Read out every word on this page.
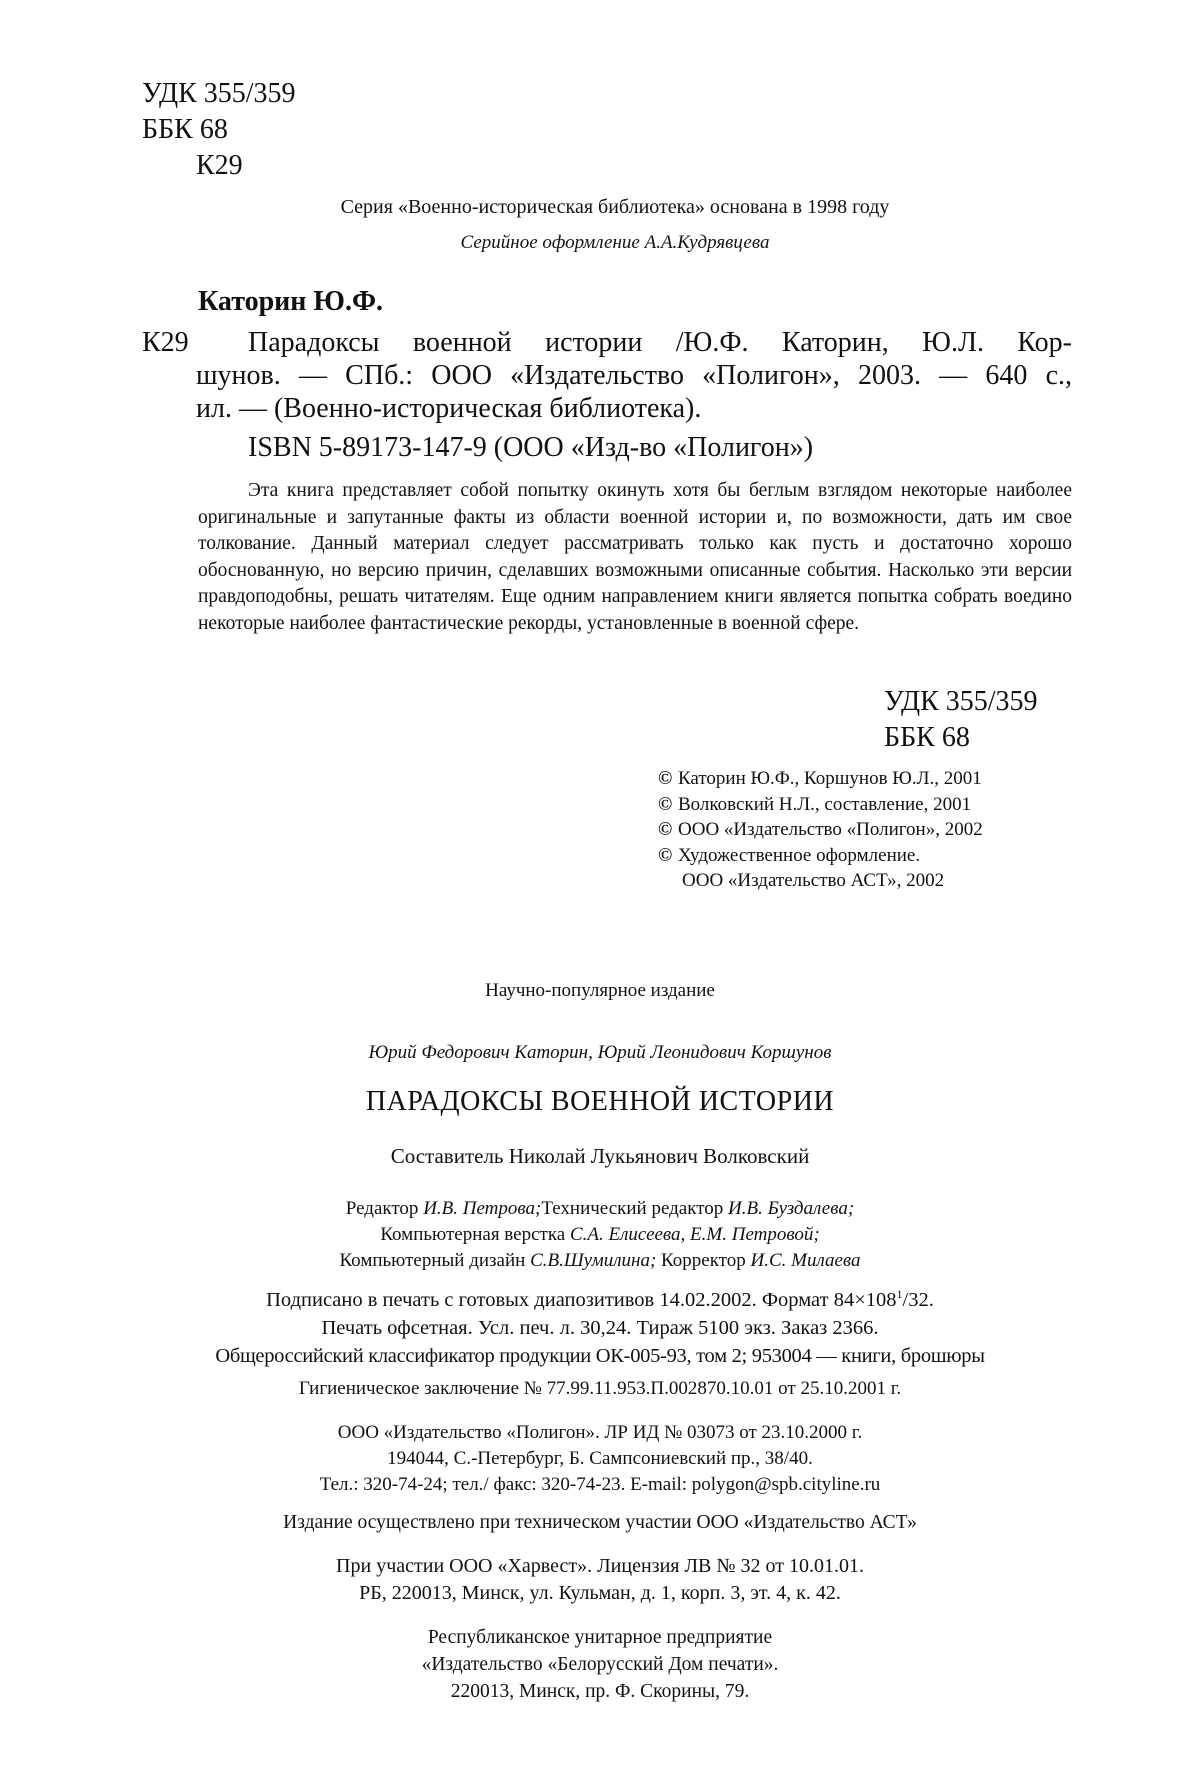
УДК 355/359
ББК 68
К29
Серия «Военно-историческая библиотека» основана в 1998 году
Серийное оформление А.А.Кудрявцева
Каторин Ю.Ф.
К29 Парадоксы военной истории /Ю.Ф. Каторин, Ю.Л. Кор-
шунов. — СПб.: ООО «Издательство «Полигон», 2003. — 640 с.,
ил. — (Военно-историческая библиотека).
ISBN 5-89173-147-9 (ООО «Изд-во «Полигон»)
Эта книга представляет собой попытку окинуть хотя бы беглым взглядом некоторые наиболее оригинальные и запутанные факты из области военной истории и, по возможности, дать им свое толкование. Данный материал следует рассматривать только как пусть и достаточно хорошо обоснованную, но версию причин, сделавших возможными описанные события. Насколько эти версии правдоподобны, решать читателям. Еще одним направлением книги является попытка собрать воедино некоторые наиболее фантастические рекорды, установленные в военной сфере.
УДК 355/359
ББК 68
© Каторин Ю.Ф., Коршунов Ю.Л., 2001
© Волковский Н.Л., составление, 2001
© ООО «Издательство «Полигон», 2002
© Художественное оформление.
ООО «Издательство АСТ», 2002
Научно-популярное издание
Юрий Федорович Каторин, Юрий Леонидович Коршунов
ПАРАДОКСЫ ВОЕННОЙ ИСТОРИИ
Составитель Николай Лукьянович Волковский
Редактор И.В. Петрова;Технический редактор И.В. Буздалева;
Компьютерная верстка С.А. Елисеева, Е.М. Петровой;
Компьютерный дизайн С.В.Шумилина; Корректор И.С. Милаева
Подписано в печать с готовых диапозитивов 14.02.2002. Формат $84\times 108^1/32$.
Печать офсетная. Усл. печ. л. 30,24. Тираж 5100 экз. Заказ 2366.
Общероссийский классификатор продукции ОК-005-93, том 2; 953004 — книги, брошюры
Гигиеническое заключение № 77.99.11.953.П.002870.10.01 от 25.10.2001 г.
ООО «Издательство «Полигон». ЛР ИД № 03073 от 23.10.2000 г.
194044, С.-Петербург, Б. Сампсониевский пр., 38/40.
Тел.: 320-74-24; тел./ факс: 320-74-23. E-mail: polygon@spb.cityline.ru
Издание осуществлено при техническом участии ООО «Издательство АСТ»
При участии ООО «Харвест». Лицензия ЛВ № 32 от 10.01.01.
РБ, 220013, Минск, ул. Кульман, д. 1, корп. 3, эт. 4, к. 42.
Республиканское унитарное предприятие
«Издательство «Белорусский Дом печати».
220013, Минск, пр. Ф. Скорины, 79.
